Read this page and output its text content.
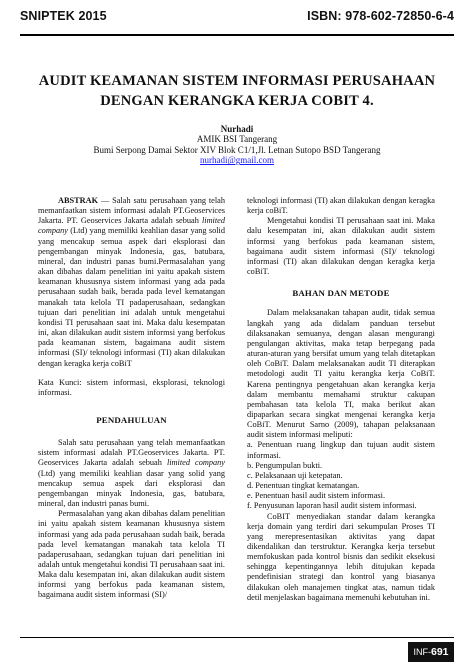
SNIPTEK 2015	ISBN: 978-602-72850-6-4
AUDIT KEAMANAN SISTEM INFORMASI PERUSAHAAN
DENGAN KERANGKA KERJA COBIT 4.
Nurhadi
AMIK BSI Tangerang
Bumi Serpong Damai Sektor XIV Blok C1/1,Jl. Letnan Sutopo BSD Tangerang
nurhadi@gmail.com

ABSTRAK — Salah satu perusahaan yang telah memanfaatkan sistem informasi adalah PT.Geoservices Jakarta. PT. Geoservices Jakarta adalah sebuah limited company (Ltd) yang memiliki keahlian dasar yang solid yang mencakup semua aspek dari eksplorasi dan pengembangan minyak Indonesia, gas, batubara, mineral, dan industri panas bumi.Permasalahan yang akan dibahas dalam penelitian ini yaitu apakah sistem keamanan khususnya sistem informasi yang ada pada perusahaan sudah baik, berada pada level kematangan manakah tata kelola TI padaperusahaan, sedangkan tujuan dari penelitian ini adalah untuk mengetahui kondisi TI perusahaan saat ini. Maka dalu kesempatan ini, akan dilakukan audit sistem informsi yang berfokus pada keamanan sistem, bagaimana audit sistem informasi (SI)/ teknologi informasi (TI) akan dilakukan dengan keragka kerja coBiT

Kata Kunci: sistem informasi, eksplorasi, teknologi informasi.

PENDAHULUAN

Salah satu perusahaan yang telah memanfaatkan sistem informasi adalah PT.Geoservices Jakarta. PT. Geoservices Jakarta adalah sebuah limited company (Ltd) yang memiliki keahlian dasar yang solid yang mencakup semua aspek dari eksplorasi dan pengembangan minyak Indonesia, gas, batubara, mineral, dan industri panas bumi.

Permasalahan yang akan dibahas dalam penelitian ini yaitu apakah sistem keamanan khususnya sistem informasi yang ada pada perusahaan sudah baik, berada pada level kematangan manakah tata kelola TI padaperusahaan, sedangkan tujuan dari penelitian ini adalah untuk mengetahui kondisi TI perusahaan saat ini. Maka dalu kesempatan ini, akan dilakukan audit sistem informsi yang berfokus pada keamanan sistem, bagaimana audit sistem informasi (SI)/

teknologi informasi (TI) akan dilakukan dengan keragka kerja coBiT.

Mengetahui kondisi TI perusahaan saat ini. Maka dalu kesempatan ini, akan dilakukan audit sistem informsi yang berfokus pada keamanan sistem, bagaimana audit sistem informasi (SI)/ teknologi informasi (TI) akan dilakukan dengan keragka kerja coBiT.

BAHAN DAN METODE

Dalam melaksanakan tahapan audit, tidak semua langkah yang ada didalam panduan tersebut dilaksanakan semuanya, dengan alasan mengurangi pengulangan aktivitas, maka tetap berpegang pada aturan-aturan yang bersifat umum yang telah ditetapkan oleh CoBiT. Dalam melaksanakan audit TI diterapkan metodologi audit TI yaitu kerangka kerja CoBiT. Karena pentingnya pengetahuan akan kerangka kerja dalam membantu memahami struktur cakupan pembahasan tata kelola TI, maka berikut akan dipaparkan secara singkat mengenai kerangka kerja CoBiT. Menurut Sarno (2009), tahapan pelaksanaan audit sistem informasi meliputi:

a. Penentuan ruang lingkup dan tujuan audit sistem informasi.

b. Pengumpulan bukti.

c. Pelaksanaan uji ketepatan.

d. Penentuan tingkat kematangan.

e. Penentuan hasil audit sistem informasi.

f. Penyusunan laporan hasil audit sistem informasi.

CoBIT menyediakan standar dalam kerangka kerja domain yang terdiri dari sekumpulan Proses TI yang merepresentasikan aktivitas yang dapat dikendalikan dan terstruktur. Kerangka kerja tersebut memfokuskan pada kontrol bisnis dan sedikit eksekusi sehingga kepentingannya lebih ditujukan kepada pendefinisian strategi dan kontrol yang biasanya dilakukan oleh manajemen tingkat atas, namun tidak detil menjelaskan bagaimana memenuhi kebutuhan ini.

INF-691
